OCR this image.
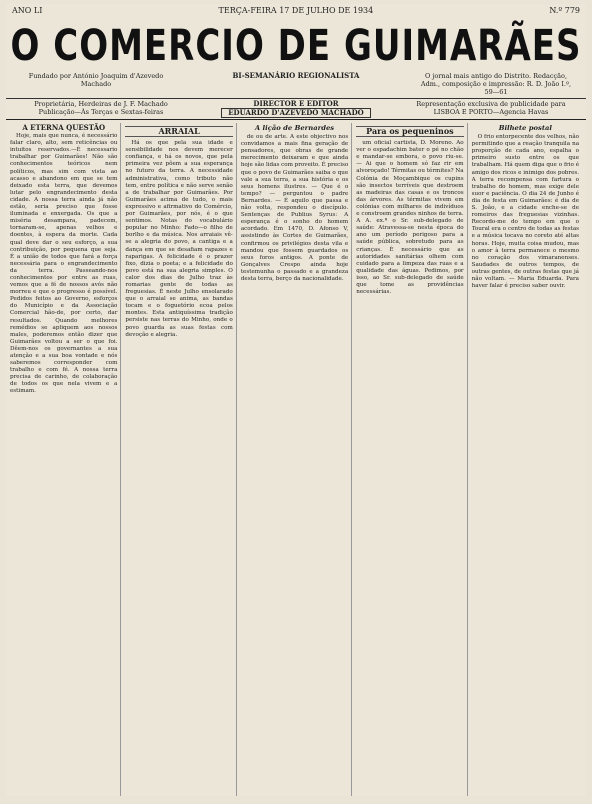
ANO LI	TERÇA-FEIRA 17 DE JULHO DE 1934	N.º 779
O COMERCIO DE GUIMARÃES
Fundado por António Joaquim d'Azevedo Machado
BI-SEMANÁRIO REGIONALISTA	O jornal mais antigo do Distrito. Redacção, Adm., composição e impressão: R. D. João I.º, 59—61
Proprietária, Herdeiras de J. F. Machado
Publicação—Às Terças e Sextas-feiras
DIRECTOR E EDITOR
EDUARDO D'AZEVEDO MACHADO
Representação exclusiva de publicidade para LISBOA E PORTO—Agencia Havas
A ETERNA QUESTÃO

Hoje, mais que nunca, é necessário falar claro, alto, sem reticências ou intuitos reservados.—É necessario trabalhar por Guimarães! Não são conhecimentos teóricos nem políticos, mas sim com vista ao acasso e abandono em que se tem deixado esta terra, que devemos lutar pelo engrandecimento desta cidade. A nossa terra ainda já não estão, seria preciso que fosse iluminada e enxergada. Os que a miséria desampara, padecem, tornaram-se, apenas velhos e doentes, à espera da morte. Cada qual deve dar o seu esforço, a sua contribuição, por pequena que seja. É a união de todos que fará a força necessária para o engrandecimento da terra. Passeando-nos conhecimentos por entre as ruas, vemos que a fé de nossos avós não morreu e que o progresso é possível. Pedidos feitos ao Governo, esforços do Município e da Associação Comercial hão-de, por certo, dar resultados. Quando melhores remédios se apliquem aos nossos males, poderemos então dizer que Guimarães voltou a ser o que foi. Dêem-nos os governantes a sua atenção e a sua boa vontade e nós saberemos corresponder com trabalho e com fé. A nossa terra precisa de carinho, de colaboração de todos os que nela vivem e a estimam.

ARRAIAL

Há os que pela sua idade e sensibilidade nos devem merecer confiança, e há os novos, que pela primeira vez põem a sua esperança no futuro da terra. A necessidade administrativa, como tributo não tem, entre política e não serve senão a de trabalhar por Guimarães. Por Guimarães acima de tudo, o mais expressivo e afirmativo do Comércio, por Guimarães, por nós, é o que sentimos. Notas do vocabulário popular no Minho: Fado—o filho de borlho e da música. Nos arraiais vê-se a alegria do povo, a cantiga e a dança em que se desafiam rapazes e raparigas. A felicidade é o prazer fixo, dizia o poeta; e a felicidade do povo está na sua alegria simples. O calor dos dias de Julho traz às romarias gente de todas as freguesias. É neste Julho ensolarado que o arraial se anima, as bandas tocam e o foguetório ecoa pelos montes. Esta antiquíssima tradição persiste nas terras do Minho, onde o povo guarda as suas festas com devoção e alegria.

A lição de Bernardes

de ou de arte. A este objectivo nos convidamos a mais fina geração de pensadores, que obras de grande merecimento deixaram e que ainda hoje são lidas com proveito. É preciso que o povo de Guimarães saiba o que vale a sua terra, a sua história e os seus homens ilustres. — Que é o tempo? — perguntou o padre Bernardes. — É aquilo que passa e não volta, respondeu o discípulo. Sentenças de Publius Syrus: A esperança é o sonho do homem acordado. Em 1470, D. Afonso V, assistindo às Cortes de Guimarães, confirmou os privilégios desta vila e mandou que fossem guardados os seus foros antigos. A ponte de Gonçalves Crespo ainda hoje testemunha o passado e a grandeza desta terra, berço da nacionalidade.

Para os pequeninos

um oficial cartista, D. Moreno. Ao ver o espadachim bater o pé no chão e mandar-se embora, o povo riu-se. — Ai que o homem só faz rir em alvoroçado! Térmitas ou térmites? Na Colónia de Moçambique os cupins são insectos terríveis que destroem as madeiras das casas e os troncos das árvores. As térmitas vivem em colónias com milhares de indivíduos e constroem grandes ninhos de terra. A A. ex.ª o Sr. sub-delegado de saúde: Atravessa-se nesta época do ano um período perigoso para a saúde pública, sobretudo para as crianças. É necessário que as autoridades sanitárias olhem com cuidado para a limpeza das ruas e a qualidade das águas. Pedimos, por isso, ao Sr. sub-delegado de saúde que tome as providências necessárias.

Bilhete postal

O frio entorpecente dos velhos, não permitindo que a reação tranquila na proporção de cada ano, espalha o primeiro susto entre os que trabalham. Há quem diga que o frio é amigo dos ricos e inimigo dos pobres. A terra recompensa com fartura o trabalho do homem, mas exige dele suor e paciência. O dia 24 de Junho é dia de festa em Guimarães: é dia de S. João, e a cidade enche-se de romeiros das freguesias vizinhas. Recordo-me do tempo em que o Toural era o centro de todas as festas e a música tocava no coreto até altas horas. Hoje, muita coisa mudou, mas o amor à terra permanece o mesmo no coração dos vimaranenses. Saudades de outros tempos, de outras gentes, de outras festas que já não voltam. — Maria Eduarda. Para haver falar é preciso saber ouvir.
